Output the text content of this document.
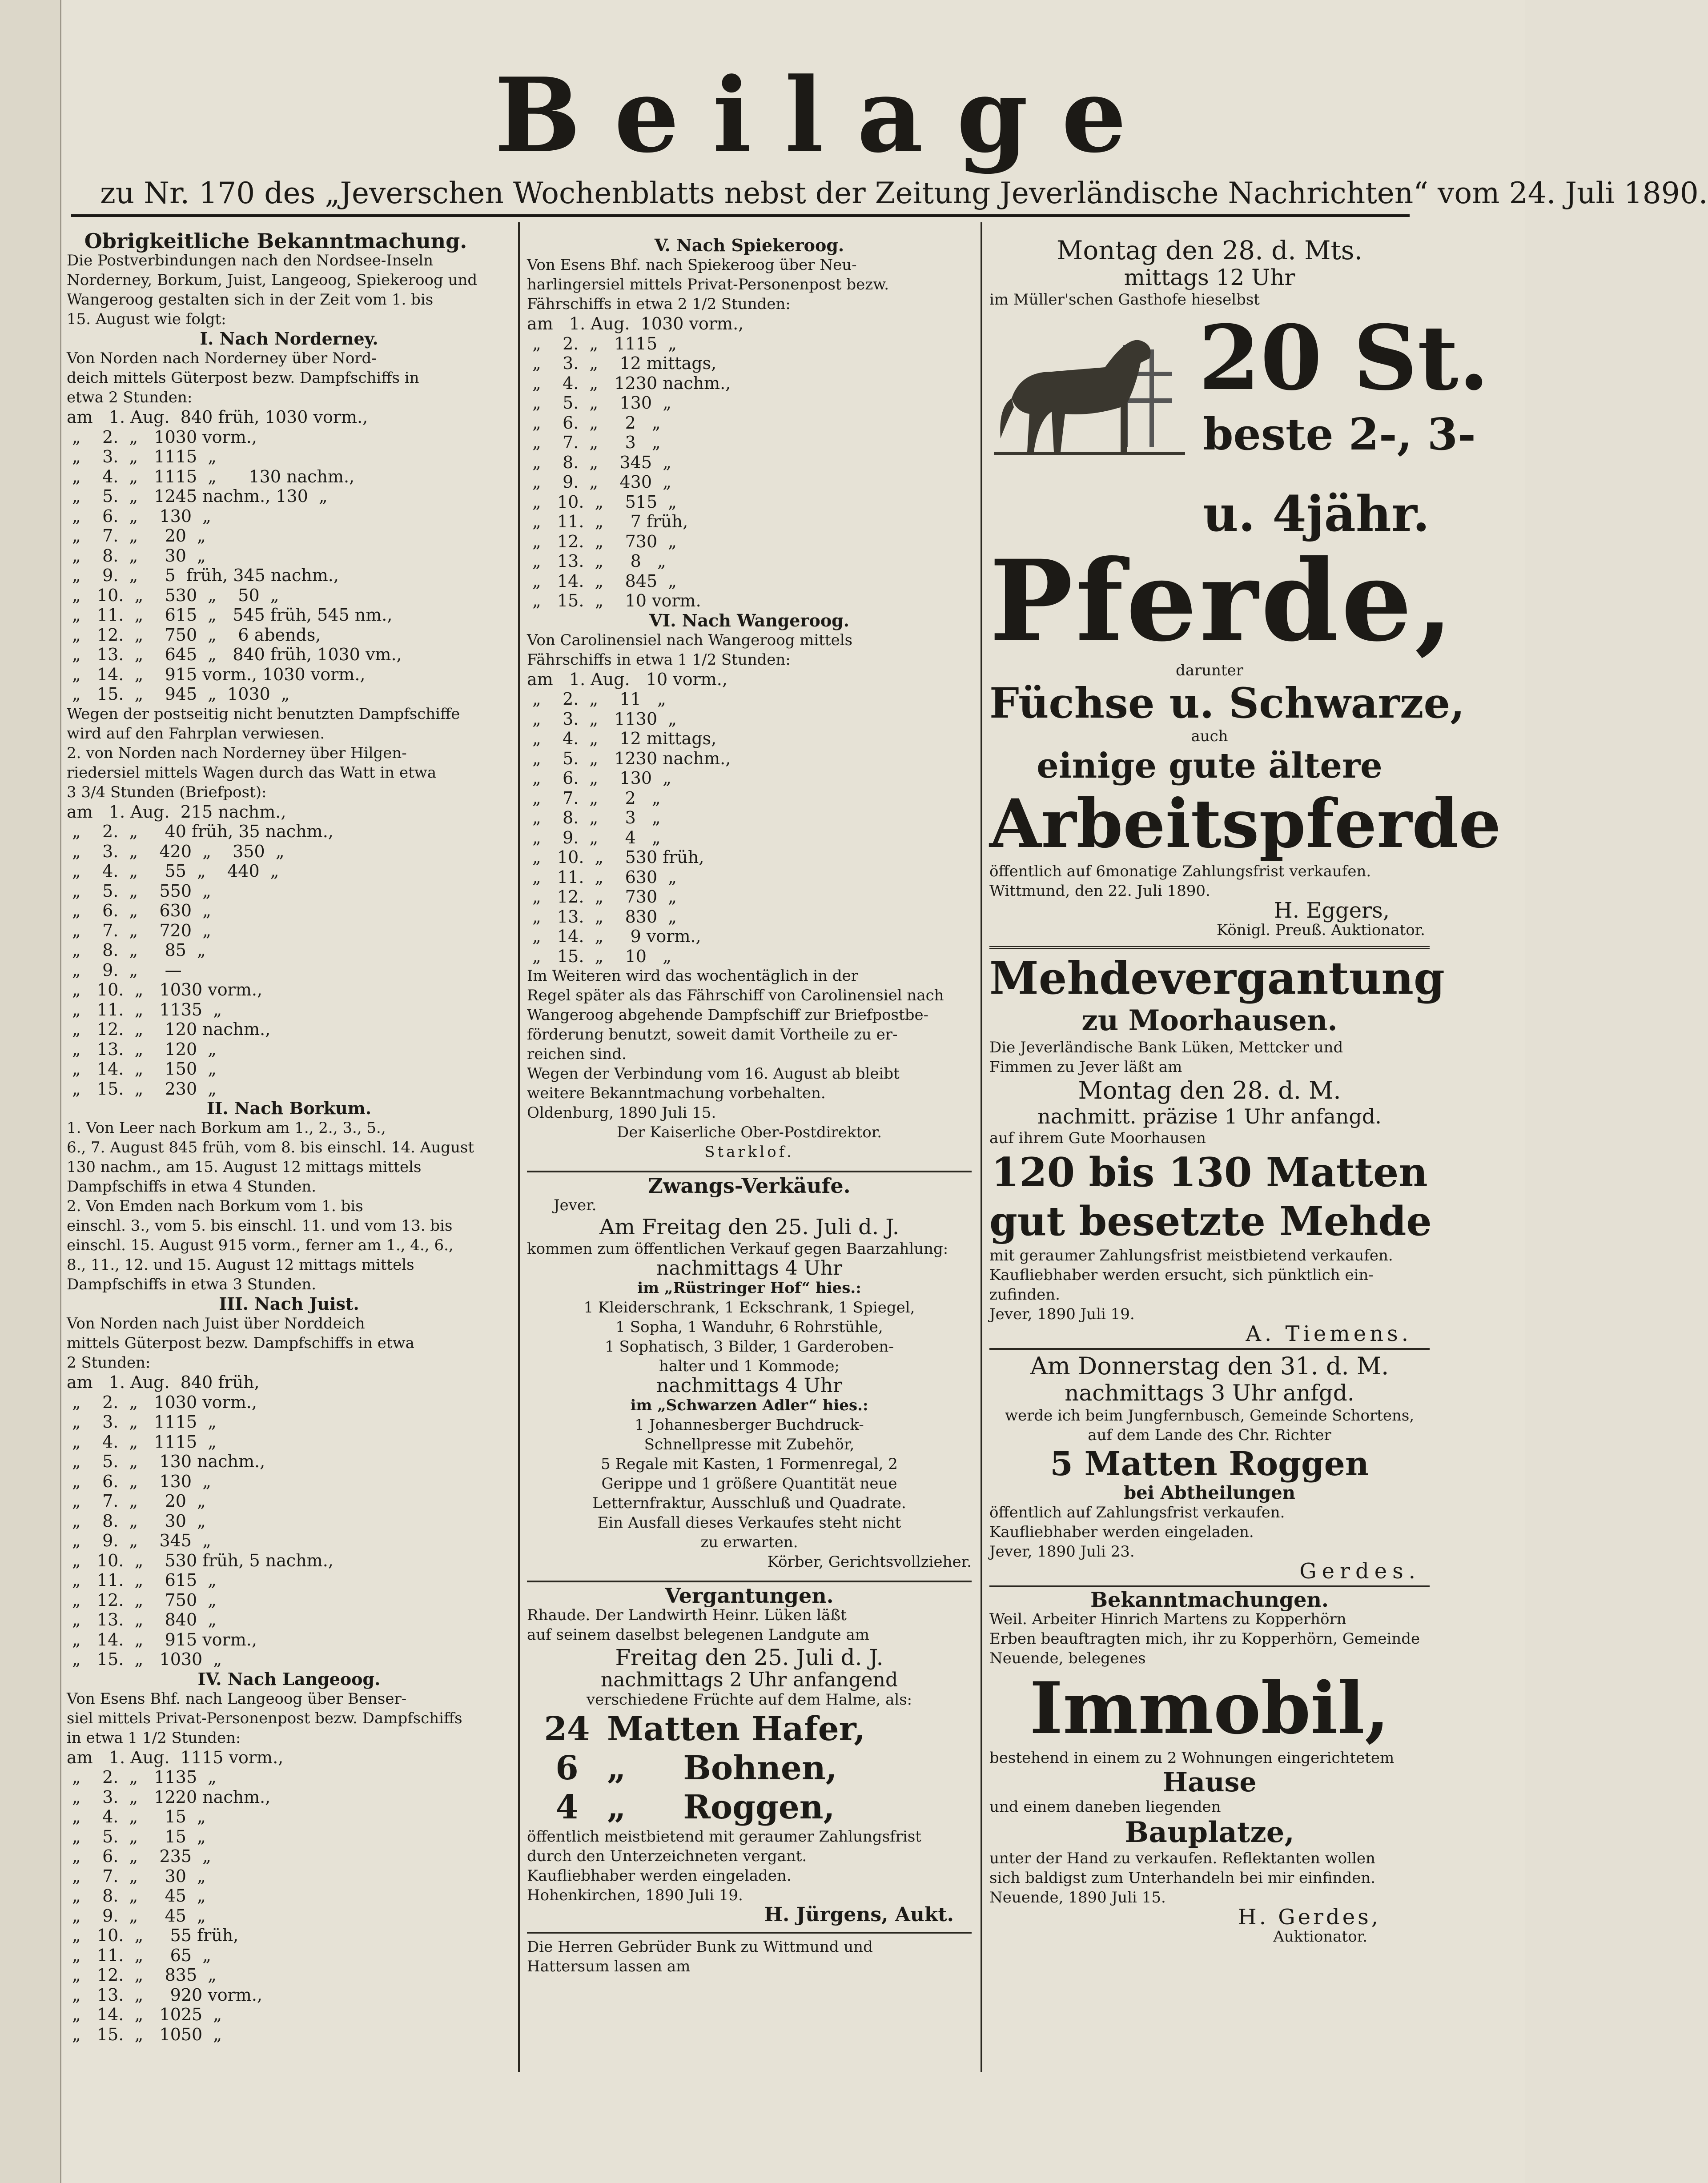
Beilage
zu Nr. 170 des „Jeverschen Wochenblatts nebst der Zeitung Jeverländische Nachrichten“ vom 24. Juli 1890.
Obrigkeitliche Bekanntmachung.
Die Postverbindungen nach den Nordsee-Inseln
Norderney, Borkum, Juist, Langeoog, Spiekeroog und
Wangeroog gestalten sich in der Zeit vom 1. bis
15. August wie folgt:
I. Nach Norderney.
Von Norden nach Norderney über Nord-
deich mittels Güterpost bezw. Dampfschiffs in
etwa 2 Stunden:
am   1. Aug.  840 früh, 1030 vorm.,
„    2.  „   1030 vorm.,
„    3.  „   1115  „
„    4.  „   1115  „      130 nachm.,
„    5.  „   1245 nachm., 130  „
„    6.  „    130  „
„    7.  „     20  „
„    8.  „     30  „
„    9.  „     5  früh, 345 nachm.,
„   10.  „    530  „    50  „
„   11.  „    615  „   545 früh, 545 nm.,
„   12.  „    750  „    6 abends,
„   13.  „    645  „   840 früh, 1030 vm.,
„   14.  „    915 vorm., 1030 vorm.,
„   15.  „    945  „  1030  „
Wegen der postseitig nicht benutzten Dampfschiffe
wird auf den Fahrplan verwiesen.
2. von Norden nach Norderney über Hilgen-
riedersiel mittels Wagen durch das Watt in etwa
3 3/4 Stunden (Briefpost):
am   1. Aug.  215 nachm.,
„    2.  „     40 früh, 35 nachm.,
„    3.  „    420  „    350  „
„    4.  „     55  „    440  „
„    5.  „    550  „
„    6.  „    630  „
„    7.  „    720  „
„    8.  „     85  „
„    9.  „     —
„   10.  „   1030 vorm.,
„   11.  „   1135  „
„   12.  „    120 nachm.,
„   13.  „    120  „
„   14.  „    150  „
„   15.  „    230  „
II. Nach Borkum.
1. Von Leer nach Borkum am 1., 2., 3., 5.,
6., 7. August 845 früh, vom 8. bis einschl. 14. August
130 nachm., am 15. August 12 mittags mittels
Dampfschiffs in etwa 4 Stunden.
2. Von Emden nach Borkum vom 1. bis
einschl. 3., vom 5. bis einschl. 11. und vom 13. bis
einschl. 15. August 915 vorm., ferner am 1., 4., 6.,
8., 11., 12. und 15. August 12 mittags mittels
Dampfschiffs in etwa 3 Stunden.
III. Nach Juist.
Von Norden nach Juist über Norddeich
mittels Güterpost bezw. Dampfschiffs in etwa
2 Stunden:
am   1. Aug.  840 früh,
„    2.  „   1030 vorm.,
„    3.  „   1115  „
„    4.  „   1115  „
„    5.  „    130 nachm.,
„    6.  „    130  „
„    7.  „     20  „
„    8.  „     30  „
„    9.  „    345  „
„   10.  „    530 früh, 5 nachm.,
„   11.  „    615  „
„   12.  „    750  „
„   13.  „    840  „
„   14.  „    915 vorm.,
„   15.  „   1030  „
IV. Nach Langeoog.
Von Esens Bhf. nach Langeoog über Benser-
siel mittels Privat-Personenpost bezw. Dampfschiffs
in etwa 1 1/2 Stunden:
am   1. Aug.  1115 vorm.,
„    2.  „   1135  „
„    3.  „   1220 nachm.,
„    4.  „     15  „
„    5.  „     15  „
„    6.  „    235  „
„    7.  „     30  „
„    8.  „     45  „
„    9.  „     45  „
„   10.  „     55 früh,
„   11.  „     65  „
„   12.  „    835  „
„   13.  „     920 vorm.,
„   14.  „   1025  „
„   15.  „   1050  „
V. Nach Spiekeroog.
Von Esens Bhf. nach Spiekeroog über Neu-
harlingersiel mittels Privat-Personenpost bezw.
Fährschiffs in etwa 2 1/2 Stunden:
am   1. Aug.  1030 vorm.,
„    2.  „   1115  „
„    3.  „    12 mittags,
„    4.  „   1230 nachm.,
„    5.  „    130  „
„    6.  „     2   „
„    7.  „     3   „
„    8.  „    345  „
„    9.  „    430  „
„   10.  „    515  „
„   11.  „     7 früh,
„   12.  „    730  „
„   13.  „     8   „
„   14.  „    845  „
„   15.  „    10 vorm.
VI. Nach Wangeroog.
Von Carolinensiel nach Wangeroog mittels
Fährschiffs in etwa 1 1/2 Stunden:
am   1. Aug.   10 vorm.,
„    2.  „    11   „
„    3.  „   1130  „
„    4.  „    12 mittags,
„    5.  „   1230 nachm.,
„    6.  „    130  „
„    7.  „     2   „
„    8.  „     3   „
„    9.  „     4   „
„   10.  „    530 früh,
„   11.  „    630  „
„   12.  „    730  „
„   13.  „    830  „
„   14.  „     9 vorm.,
„   15.  „    10   „
Im Weiteren wird das wochentäglich in der
Regel später als das Fährschiff von Carolinensiel nach
Wangeroog abgehende Dampfschiff zur Briefpostbe-
förderung benutzt, soweit damit Vortheile zu er-
reichen sind.
Wegen der Verbindung vom 16. August ab bleibt
weitere Bekanntmachung vorbehalten.
Oldenburg, 1890 Juli 15.
Der Kaiserliche Ober-Postdirektor.
Starklof.
Zwangs-Verkäufe.
Jever.
Am Freitag den 25. Juli d. J.
kommen zum öffentlichen Verkauf gegen Baarzahlung:
nachmittags 4 Uhr
im „Rüstringer Hof“ hies.:
1 Kleiderschrank, 1 Eckschrank, 1 Spiegel,
1 Sopha, 1 Wanduhr, 6 Rohrstühle,
1 Sophatisch, 3 Bilder, 1 Garderoben-
halter und 1 Kommode;
nachmittags 4 Uhr
im „Schwarzen Adler“ hies.:
1 Johannesberger Buchdruck-
Schnellpresse mit Zubehör,
5 Regale mit Kasten, 1 Formenregal, 2
Gerippe und 1 größere Quantität neue
Letternfraktur, Ausschluß und Quadrate.
Ein Ausfall dieses Verkaufes steht nicht
zu erwarten.
Körber, Gerichtsvollzieher.
Vergantungen.
Rhaude. Der Landwirth Heinr. Lüken läßt
auf seinem daselbst belegenen Landgute am
Freitag den 25. Juli d. J.
nachmittags 2 Uhr anfangend
verschiedene Früchte auf dem Halme, als:
24 Matten Hafer,
6 „     Bohnen,
4 „     Roggen,
öffentlich meistbietend mit geraumer Zahlungsfrist
durch den Unterzeichneten vergant.
Kaufliebhaber werden eingeladen.
Hohenkirchen, 1890 Juli 19.
H. Jürgens, Aukt.
Die Herren Gebrüder Bunk zu Wittmund und
Hattersum lassen am
Montag den 28. d. Mts.
mittags 12 Uhr
im Müller'schen Gasthofe hieselbst
20 St.
beste 2-, 3-
u. 4jähr.
Pferde,
darunter
Füchse u. Schwarze,
auch
einige gute ältere
Arbeitspferde
öffentlich auf 6monatige Zahlungsfrist verkaufen.
Wittmund, den 22. Juli 1890.
H. Eggers,
Königl. Preuß. Auktionator.
Mehdevergantung
zu Moorhausen.
Die Jeverländische Bank Lüken, Mettcker und
Fimmen zu Jever läßt am
Montag den 28. d. M.
nachmitt. präzise 1 Uhr anfangd.
auf ihrem Gute Moorhausen
120 bis 130 Matten
gut besetzte Mehde
mit geraumer Zahlungsfrist meistbietend verkaufen.
Kaufliebhaber werden ersucht, sich pünktlich ein-
zufinden.
Jever, 1890 Juli 19.
A. Tiemens.
Am Donnerstag den 31. d. M.
nachmittags 3 Uhr anfgd.
werde ich beim Jungfernbusch, Gemeinde Schortens,
auf dem Lande des Chr. Richter
5 Matten Roggen
bei Abtheilungen
öffentlich auf Zahlungsfrist verkaufen.
Kaufliebhaber werden eingeladen.
Jever, 1890 Juli 23.
Gerdes.
Bekanntmachungen.
Weil. Arbeiter Hinrich Martens zu Kopperhörn
Erben beauftragten mich, ihr zu Kopperhörn, Gemeinde
Neuende, belegenes
Immobil,
bestehend in einem zu 2 Wohnungen eingerichtetem
Hause
und einem daneben liegenden
Bauplatze,
unter der Hand zu verkaufen. Reflektanten wollen
sich baldigst zum Unterhandeln bei mir einfinden.
Neuende, 1890 Juli 15.
H. Gerdes,
Auktionator.
